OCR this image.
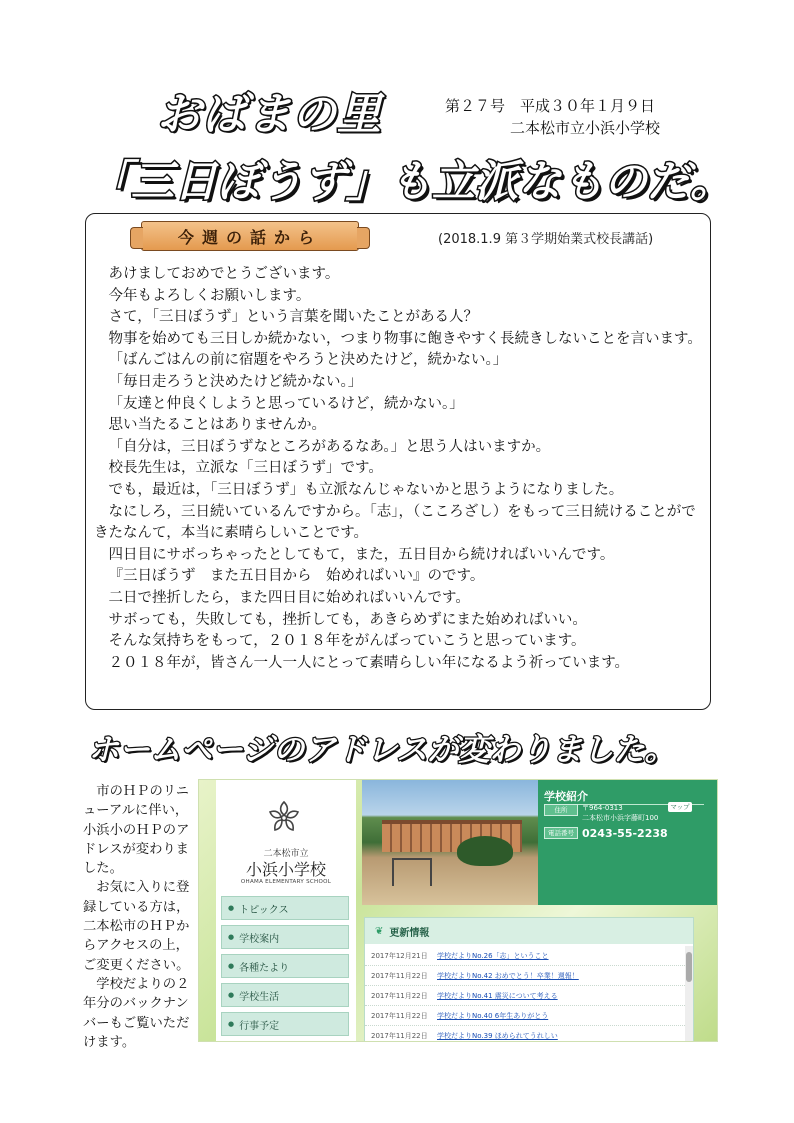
おばまの里	第２７号　平成３０年１月９日
二本松市立小浜小学校
「三日ぼうず」も立派なものだ。
今週の話から	(2018.1.9 第３学期始業式校長講話)

あけましておめでとうございます。

今年もよろしくお願いします。

さて，「三日ぼうず」という言葉を聞いたことがある人？

物事を始めても三日しか続かない，つまり物事に飽きやすく長続きしないことを言います。

「ばんごはんの前に宿題をやろうと決めたけど，続かない。」

「毎日走ろうと決めたけど続かない。」

「友達と仲良くしようと思っているけど，続かない。」

思い当たることはありませんか。

「自分は，三日ぼうずなところがあるなあ。」と思う人はいますか。

校長先生は，立派な「三日ぼうず」です。

でも，最近は，「三日ぼうず」も立派なんじゃないかと思うようになりました。

なにしろ，三日続いているんですから。「志」，（こころざし）をもって三日続けることができたなんて，本当に素晴らしいことです。

四日目にサボっちゃったとしてもて，また，五日目から続ければいいんです。

『三日ぼうず　また五日目から　始めればいい』のです。

二日で挫折したら，また四日目に始めればいいんです。

サボっても，失敗しても，挫折しても，あきらめずにまた始めればいい。

そんな気持ちをもって，２０１８年をがんばっていこうと思っています。

２０１８年が，皆さん一人一人にとって素晴らしい年になるよう祈っています。

ホームページのアドレスが変わりました。

市のＨＰのリニューアルに伴い，小浜小のＨＰのアドレスが変わりました。

お気に入りに登録している方は，二本松市のＨＰからアクセスの上，ご変更ください。

学校だよりの２年分のバックナンバーもご覧いただけます。

二本松市立
小浜小学校
OHAMA ELEMENTARY SCHOOL
● トピックス
● 学校案内
● 各種たより
● 学校生活
● 行事予定
学校紹介
住所	〒964-0313
二本松市小浜字藤町100
マップ
電話番号 0243-55-2238
❦ 更新情報
2017年12月21日	学校だよりNo.26「志」ということ
2017年11月22日	学校だよりNo.42 おめでとう！卒業！週報！
2017年11月22日	学校だよりNo.41 震災について考える
2017年11月22日	学校だよりNo.40 6年生ありがとう
2017年11月22日	学校だよりNo.39 ほめられてうれしい
